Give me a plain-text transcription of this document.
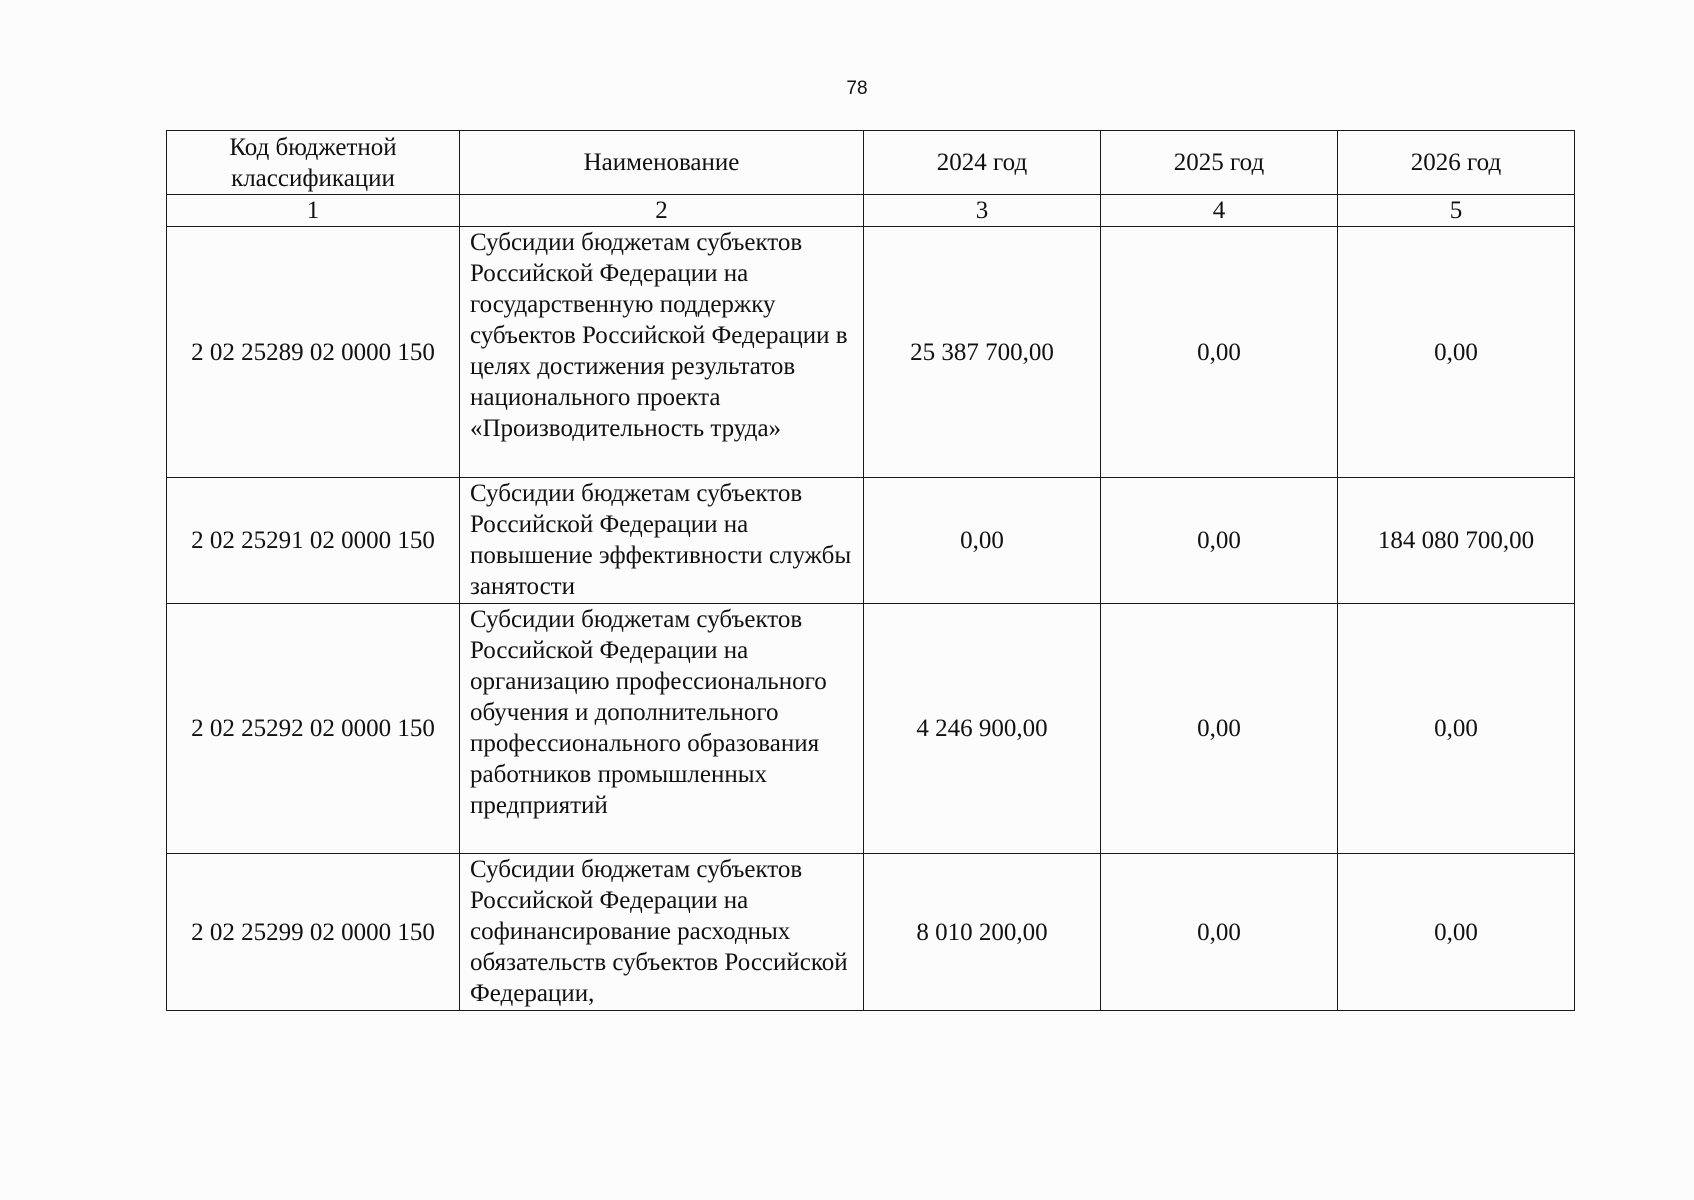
78
Код бюджетной классификации	Наименование	2024 год	2025 год	2026 год
1	2	3	4	5
2 02 25289 02 0000 150	Субсидии бюджетам субъектов Российской Федерации на государственную поддержку субъектов Российской Федерации в целях достижения результатов национального проекта «Производительность труда»	25 387 700,00	0,00	0,00
2 02 25291 02 0000 150	Субсидии бюджетам субъектов Российской Федерации на повышение эффективности службы занятости	0,00	0,00	184 080 700,00
2 02 25292 02 0000 150	Субсидии бюджетам субъектов Российской Федерации на организацию профессионального обучения и дополнительного профессионального образования работников промышленных предприятий	4 246 900,00	0,00	0,00
2 02 25299 02 0000 150	Субсидии бюджетам субъектов Российской Федерации на софинансирование расходных обязательств субъектов Российской Федерации,	8 010 200,00	0,00	0,00
